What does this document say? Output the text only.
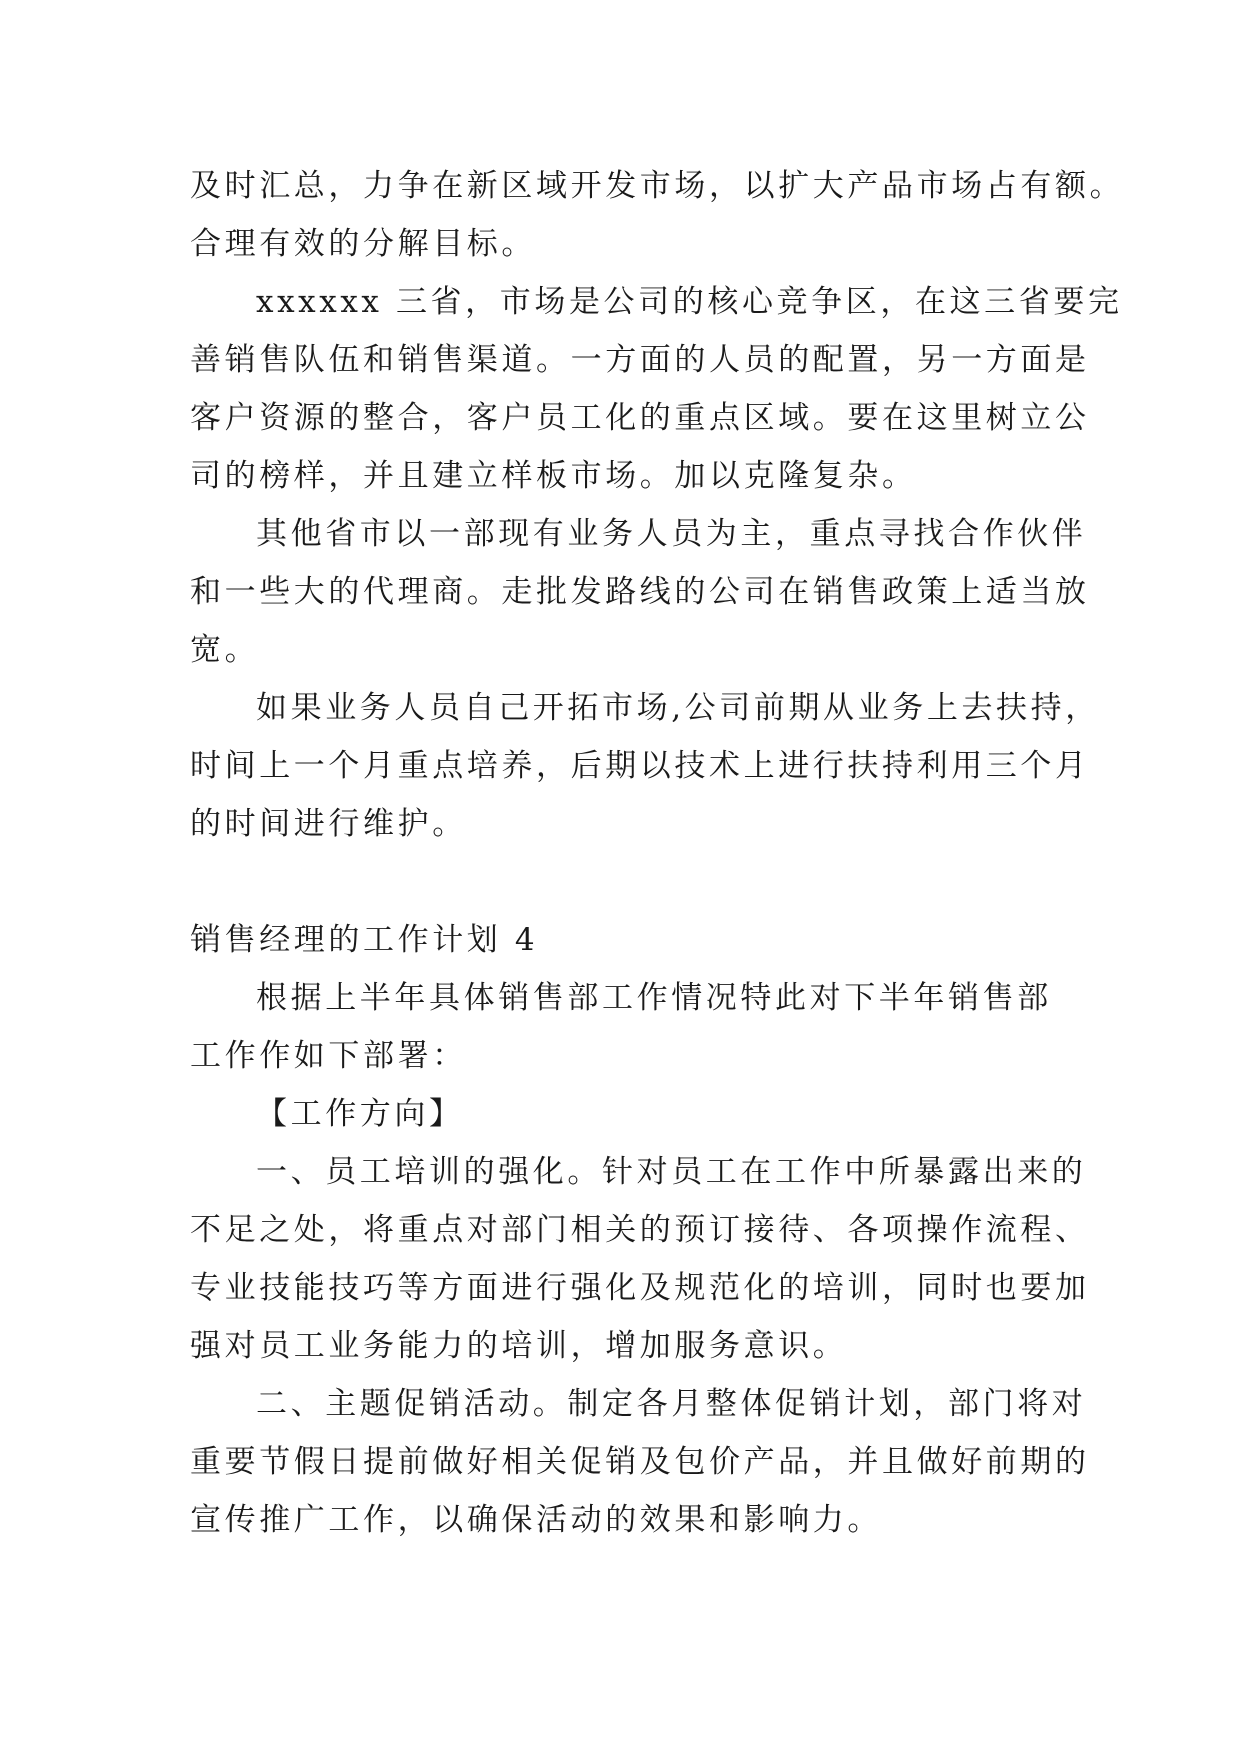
及时汇总，力争在新区域开发市场，以扩大产品市场占有额。
合理有效的分解目标。
xxxxxx 三省，市场是公司的核心竞争区，在这三省要完
善销售队伍和销售渠道。一方面的人员的配置，另一方面是
客户资源的整合，客户员工化的重点区域。要在这里树立公
司的榜样，并且建立样板市场。加以克隆复杂。
其他省市以一部现有业务人员为主，重点寻找合作伙伴
和一些大的代理商。走批发路线的公司在销售政策上适当放
宽。
如果业务人员自己开拓市场,公司前期从业务上去扶持，
时间上一个月重点培养，后期以技术上进行扶持利用三个月
的时间进行维护。
销售经理的工作计划 4
根据上半年具体销售部工作情况特此对下半年销售部
工作作如下部署：
【工作方向】
一、员工培训的强化。针对员工在工作中所暴露出来的
不足之处，将重点对部门相关的预订接待、各项操作流程、
专业技能技巧等方面进行强化及规范化的培训，同时也要加
强对员工业务能力的培训，增加服务意识。
二、主题促销活动。制定各月整体促销计划，部门将对
重要节假日提前做好相关促销及包价产品，并且做好前期的
宣传推广工作，以确保活动的效果和影响力。
